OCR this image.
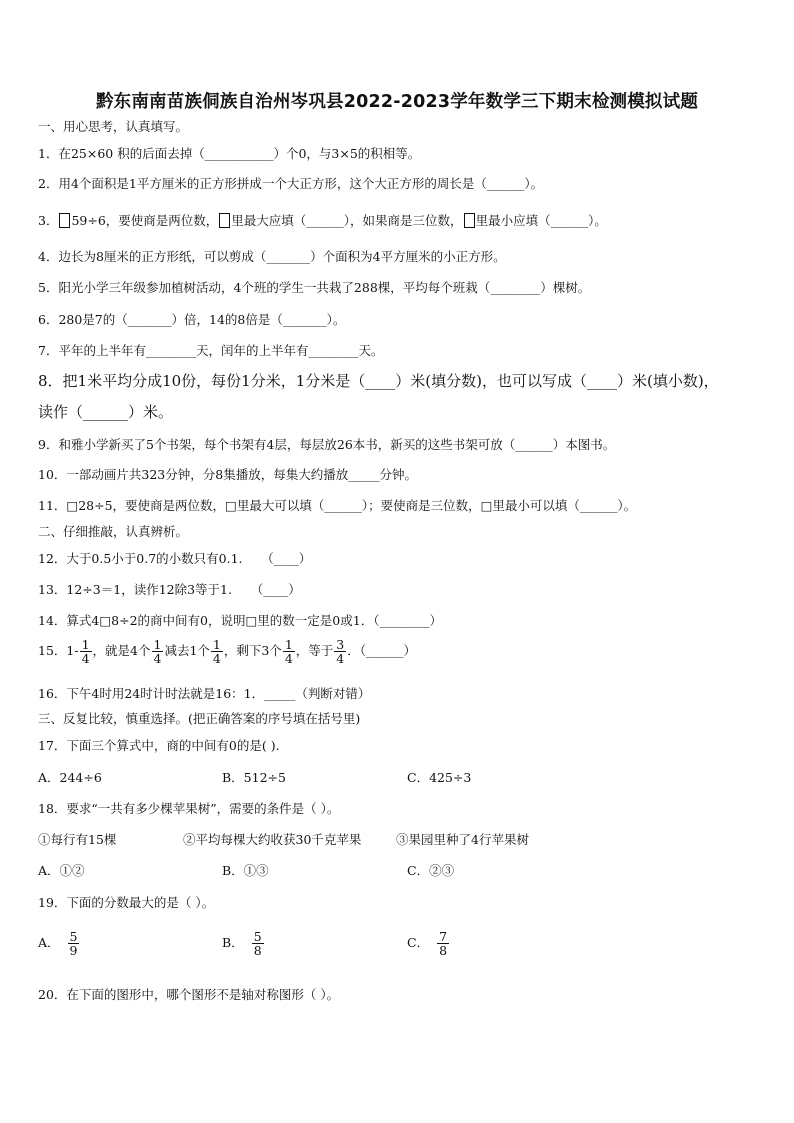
黔东南南苗族侗族自治州岑巩县2022-2023学年数学三下期末检测模拟试题
一、用心思考，认真填写。
1．在25×60 积的后面去掉（___________）个0，与3×5的积相等。
2．用4个面积是1平方厘米的正方形拼成一个大正方形，这个大正方形的周长是（______）。
3． 59÷6，要使商是两位数， 里最大应填（______），如果商是三位数， 里最小应填（______）。
4．边长为8厘米的正方形纸，可以剪成（_______）个面积为4平方厘米的小正方形。
5．阳光小学三年级参加植树活动，4个班的学生一共栽了288棵，平均每个班栽（________）棵树。
6．280是7的（_______）倍，14的8倍是（_______）。
7．平年的上半年有________天，闰年的上半年有________天。
8．把1米平均分成10份，每份1分米，1分米是（____）米(填分数)，也可以写成（____）米(填小数)，
读作（______）米。
9．和雅小学新买了5个书架，每个书架有4层，每层放26本书，新买的这些书架可放（______）本图书。
10．一部动画片共323分钟，分8集播放，每集大约播放_____分钟。
11．□28÷5，要使商是两位数，□里最大可以填（______）；要使商是三位数，□里最小可以填（______）。
二、仔细推敲，认真辨析。
12．大于0.5小于0.7的小数只有0.1.　　（____）
13．12÷3＝1，读作12除3等于1.　　（____）
14．算式4□8÷2的商中间有0，说明□里的数一定是0或1．（________）
15．$1- \frac{1}{4}$ ，就是4个 $\frac{1}{4}$ 减去1个 $\frac{1}{4}$ ，剩下3个 $\frac{1}{4}$ ，等于 $\frac{3}{4}$ ．（______）
16．下午4时用24时计时法就是16：1．_____（判断对错）
三、反复比较，慎重选择。(把正确答案的序号填在括号里)
17．下面三个算式中，商的中间有0的是( ).
A．244÷6	B．512÷5	C．425÷3
18．要求“一共有多少棵苹果树”，需要的条件是（ ）。
①每行有15棵	②平均每棵大约收获30千克苹果	③果园里种了4行苹果树
A．①②	B．①③	C．②③
19．下面的分数最大的是（ ）。
A． $\frac{5}{9}$	B． $\frac{5}{8}$	C． $\frac{7}{8}$
20．在下面的图形中，哪个图形不是轴对称图形（ ）。
